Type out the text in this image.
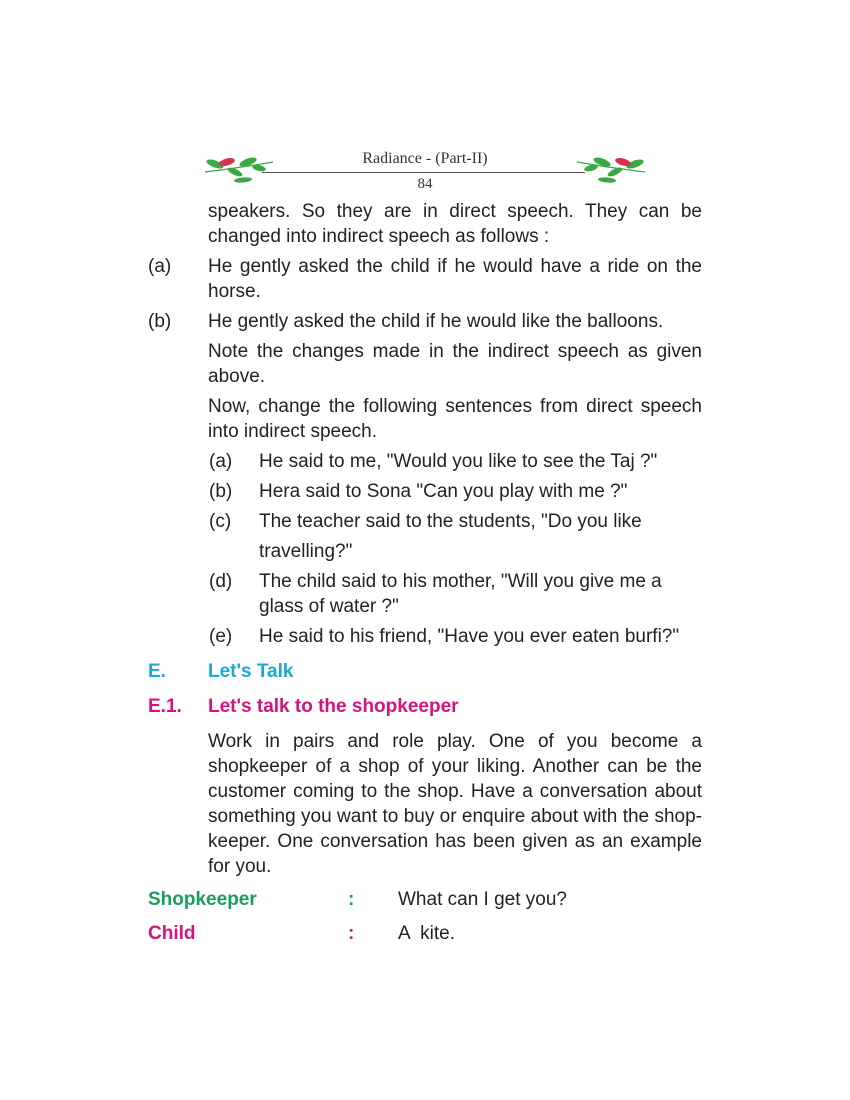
Radiance - (Part-II)
84

speakers. So they are in direct speech. They can be changed into indirect speech as follows :

(a) He gently asked the child if he would have a ride on the horse.

(b) He gently asked the child if he would like the balloons.

Note the changes made in the indirect speech as given above.

Now, change the following sentences from direct speech into indirect speech.

(a) He said to me, "Would you like to see the Taj ?"

(b) Hera said to Sona "Can you play with me ?"

(c) The teacher said to the students, "Do you like

travelling?"

(d) The child said to his mother, "Will you give me a

glass of water ?"

(e) He said to his friend, "Have you ever eaten burfi?"

E. Let's Talk
E.1. Let's talk to the shopkeeper

Work in pairs and role play. One of you become a shopkeeper of a shop of your liking. Another can be the customer coming to the shop. Have a conversation about something you want to buy or enquire about with the shop-keeper. One conversation has been given as an example for you.

Shopkeeper	: What can I get you?
Child	: A  kite.
